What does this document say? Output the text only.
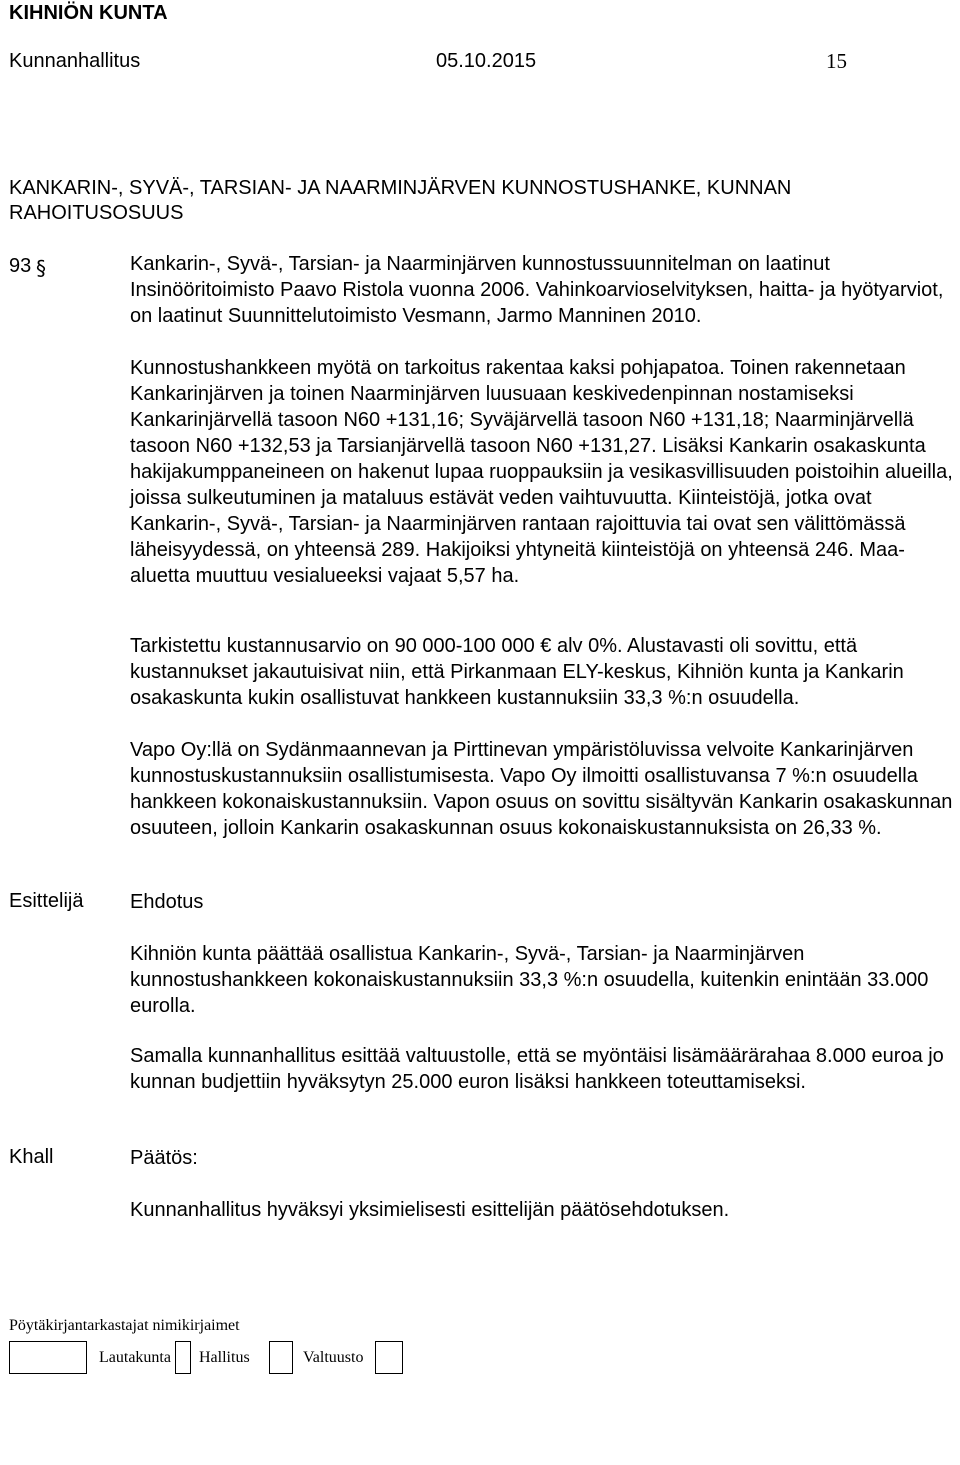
KIHNIÖN KUNTA
Kunnanhallitus	05.10.2015	15
KANKARIN-, SYVÄ-, TARSIAN- JA NAARMINJÄRVEN KUNNOSTUSHANKE, KUNNAN RAHOITUSOSUUS
93 §	Kankarin-, Syvä-, Tarsian- ja Naarminjärven kunnostussuunnitelman on laatinut Insinööritoimisto Paavo Ristola vuonna 2006. Vahinkoarvioselvityksen, haitta- ja hyötyarviot, on laatinut Suunnittelutoimisto Vesmann, Jarmo Manninen 2010.
Kunnostushankkeen myötä on tarkoitus rakentaa kaksi pohjapatoa. Toinen rakennetaan Kankarinjärven ja toinen Naarminjärven luusuaan keskivedenpinnan nostamiseksi Kankarinjärvellä tasoon N60 +131,16; Syväjärvellä tasoon N60 +131,18; Naarminjärvellä tasoon N60 +132,53 ja Tarsianjärvellä tasoon N60 +131,27. Lisäksi Kankarin osakaskunta hakijakumppaneineen on hakenut lupaa ruoppauksiin ja vesikasvillisuuden poistoihin alueilla, joissa sulkeutuminen ja mataluus estävät veden vaihtuvuutta. Kiinteistöjä, jotka ovat Kankarin-, Syvä-, Tarsian- ja Naarminjärven rantaan rajoittuvia tai ovat sen välittömässä läheisyydessä, on yhteensä 289. Hakijoiksi yhtyneitä kiinteistöjä on yhteensä 246. Maa-aluetta muuttuu vesialueeksi vajaat 5,57 ha.
Tarkistettu kustannusarvio on 90 000-100 000 € alv 0%. Alustavasti oli sovittu, että kustannukset jakautuisivat niin, että Pirkanmaan ELY-keskus, Kihniön kunta ja Kankarin osakaskunta kukin osallistuvat hankkeen kustannuksiin 33,3 %:n osuudella.
Vapo Oy:llä on Sydänmaannevan ja Pirttinevan ympäristöluvissa velvoite Kankarinjärven kunnostuskustannuksiin osallistumisesta. Vapo Oy ilmoitti osallistuvansa 7 %:n osuudella hankkeen kokonaiskustannuksiin. Vapon osuus on sovittu sisältyvän Kankarin osakaskunnan osuuteen, jolloin Kankarin osakaskunnan osuus kokonaiskustannuksista on 26,33 %.
Esittelijä Ehdotus
Kihniön kunta päättää osallistua Kankarin-, Syvä-, Tarsian- ja Naarminjärven kunnostushankkeen kokonaiskustannuksiin 33,3 %:n osuudella, kuitenkin enintään 33.000 eurolla.
Samalla kunnanhallitus esittää valtuustolle, että se myöntäisi lisämäärärahaa 8.000 euroa jo kunnan budjettiin hyväksytyn 25.000 euron lisäksi hankkeen toteuttamiseksi.
Khall	Päätös:
Kunnanhallitus hyväksyi yksimielisesti esittelijän päätösehdotuksen.
Pöytäkirjantarkastajat nimikirjaimet
Lautakunta Hallitus	Valtuusto
